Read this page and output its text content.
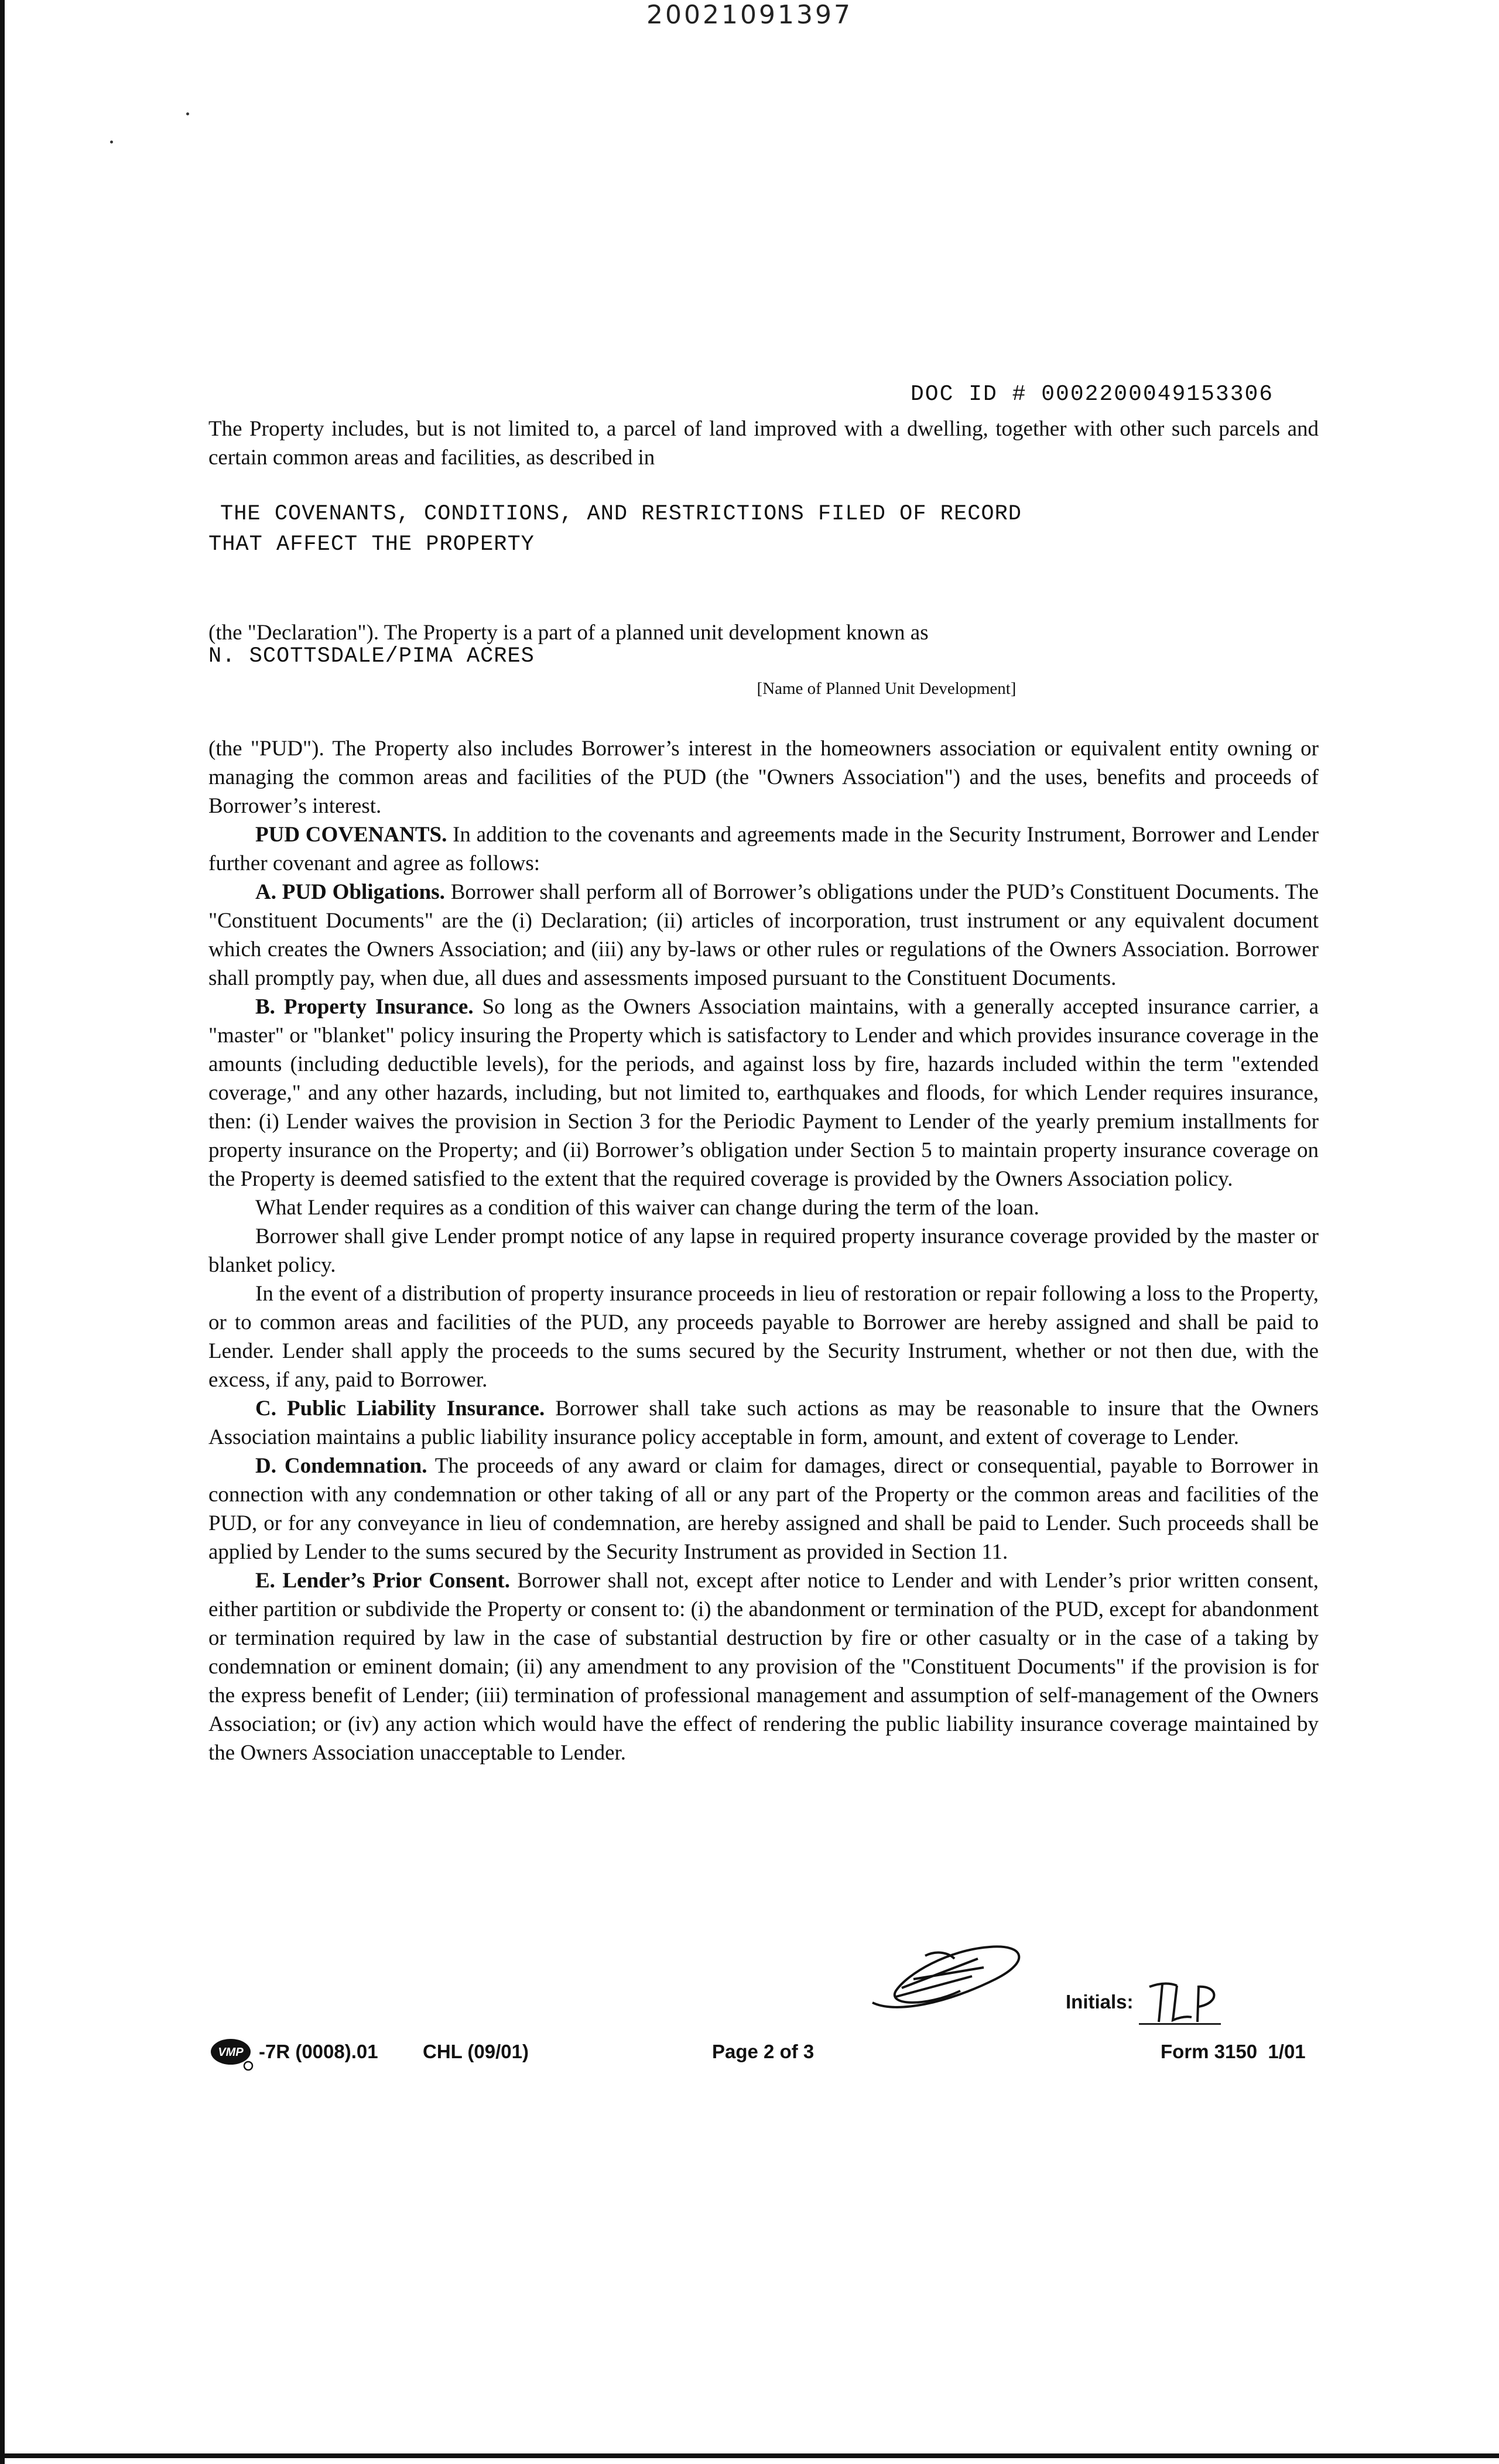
20021091397
DOC ID # 0002200049153306

The Property includes, but is not limited to, a parcel of land improved with a dwelling, together with other such parcels and certain common areas and facilities, as described in

THE COVENANTS, CONDITIONS, AND RESTRICTIONS FILED OF RECORD
THAT AFFECT THE PROPERTY

(the "Declaration"). The Property is a part of a planned unit development known as

N. SCOTTSDALE/PIMA ACRES
[Name of Planned Unit Development]

(the "PUD"). The Property also includes Borrower’s interest in the homeowners association or equivalent entity owning or managing the common areas and facilities of the PUD (the "Owners Association") and the uses, benefits and proceeds of Borrower’s interest.

PUD COVENANTS. In addition to the covenants and agreements made in the Security Instrument, Borrower and Lender further covenant and agree as follows:

A. PUD Obligations. Borrower shall perform all of Borrower’s obligations under the PUD’s Constituent Documents. The "Constituent Documents" are the (i) Declaration; (ii) articles of incorporation, trust instrument or any equivalent document which creates the Owners Association; and (iii) any by-laws or other rules or regulations of the Owners Association. Borrower shall promptly pay, when due, all dues and assessments imposed pursuant to the Constituent Documents.

B. Property Insurance. So long as the Owners Association maintains, with a generally accepted insurance carrier, a "master" or "blanket" policy insuring the Property which is satisfactory to Lender and which provides insurance coverage in the amounts (including deductible levels), for the periods, and against loss by fire, hazards included within the term "extended coverage," and any other hazards, including, but not limited to, earthquakes and floods, for which Lender requires insurance, then: (i) Lender waives the provision in Section 3 for the Periodic Payment to Lender of the yearly premium installments for property insurance on the Property; and (ii) Borrower’s obligation under Section 5 to maintain property insurance coverage on the Property is deemed satisfied to the extent that the required coverage is provided by the Owners Association policy.

What Lender requires as a condition of this waiver can change during the term of the loan.

Borrower shall give Lender prompt notice of any lapse in required property insurance coverage provided by the master or blanket policy.

In the event of a distribution of property insurance proceeds in lieu of restoration or repair following a loss to the Property, or to common areas and facilities of the PUD, any proceeds payable to Borrower are hereby assigned and shall be paid to Lender. Lender shall apply the proceeds to the sums secured by the Security Instrument, whether or not then due, with the excess, if any, paid to Borrower.

C. Public Liability Insurance. Borrower shall take such actions as may be reasonable to insure that the Owners Association maintains a public liability insurance policy acceptable in form, amount, and extent of coverage to Lender.

D. Condemnation. The proceeds of any award or claim for damages, direct or consequential, payable to Borrower in connection with any condemnation or other taking of all or any part of the Property or the common areas and facilities of the PUD, or for any conveyance in lieu of condemnation, are hereby assigned and shall be paid to Lender. Such proceeds shall be applied by Lender to the sums secured by the Security Instrument as provided in Section 11.

E. Lender’s Prior Consent. Borrower shall not, except after notice to Lender and with Lender’s prior written consent, either partition or subdivide the Property or consent to: (i) the abandonment or termination of the PUD, except for abandonment or termination required by law in the case of substantial destruction by fire or other casualty or in the case of a taking by condemnation or eminent domain; (ii) any amendment to any provision of the "Constituent Documents" if the provision is for the express benefit of Lender; (iii) termination of professional management and assumption of self-management of the Owners Association; or (iv) any action which would have the effect of rendering the public liability insurance coverage maintained by the Owners Association unacceptable to Lender.

Initials:
VMP -7R (0008).01 CHL (09/01)	Page 2 of 3	Form 3150  1/01
